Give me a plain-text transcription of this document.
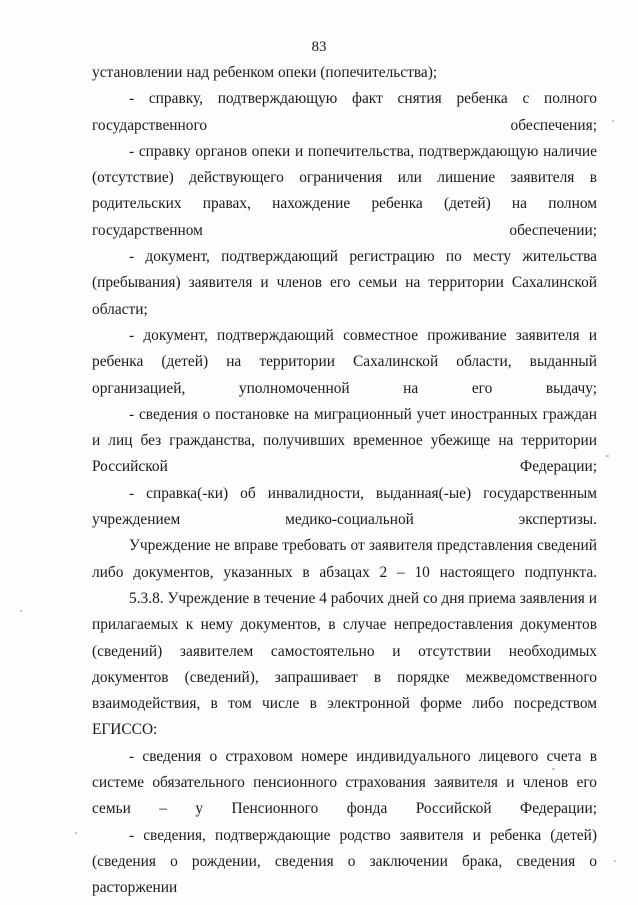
83

установлении над ребенком опеки (попечительства);

- справку, подтверждающую факт снятия ребенка с полного государственного обеспечения;

- справку органов опеки и попечительства, подтверждающую наличие (отсутствие) действующего ограничения или лишение заявителя в родительских правах, нахождение ребенка (детей) на полном государственном обеспечении;

- документ, подтверждающий регистрацию по месту жительства (пребывания) заявителя и членов его семьи на территории Сахалинской области;

- документ, подтверждающий совместное проживание заявителя и ребенка (детей) на территории Сахалинской области, выданный организацией, уполномоченной на его выдачу;

- сведения о постановке на миграционный учет иностранных граждан и лиц без гражданства, получивших временное убежище на территории Российской Федерации;

- справка(-ки) об инвалидности, выданная(-ые) государственным учреждением медико-социальной экспертизы.

Учреждение не вправе требовать от заявителя представления сведений либо документов, указанных в абзацах 2 – 10 настоящего подпункта.

5.3.8. Учреждение в течение 4 рабочих дней со дня приема заявления и прилагаемых к нему документов, в случае непредоставления документов (сведений) заявителем самостоятельно и отсутствии необходимых документов (сведений), запрашивает в порядке межведомственного взаимодействия, в том числе в электронной форме либо посредством ЕГИССО:

- сведения о страховом номере индивидуального лицевого счета в системе обязательного пенсионного страхования заявителя и членов его семьи – у Пенсионного фонда Российской Федерации;

- сведения, подтверждающие родство заявителя и ребенка (детей) (сведения о рождении, сведения о заключении брака, сведения о расторжении
